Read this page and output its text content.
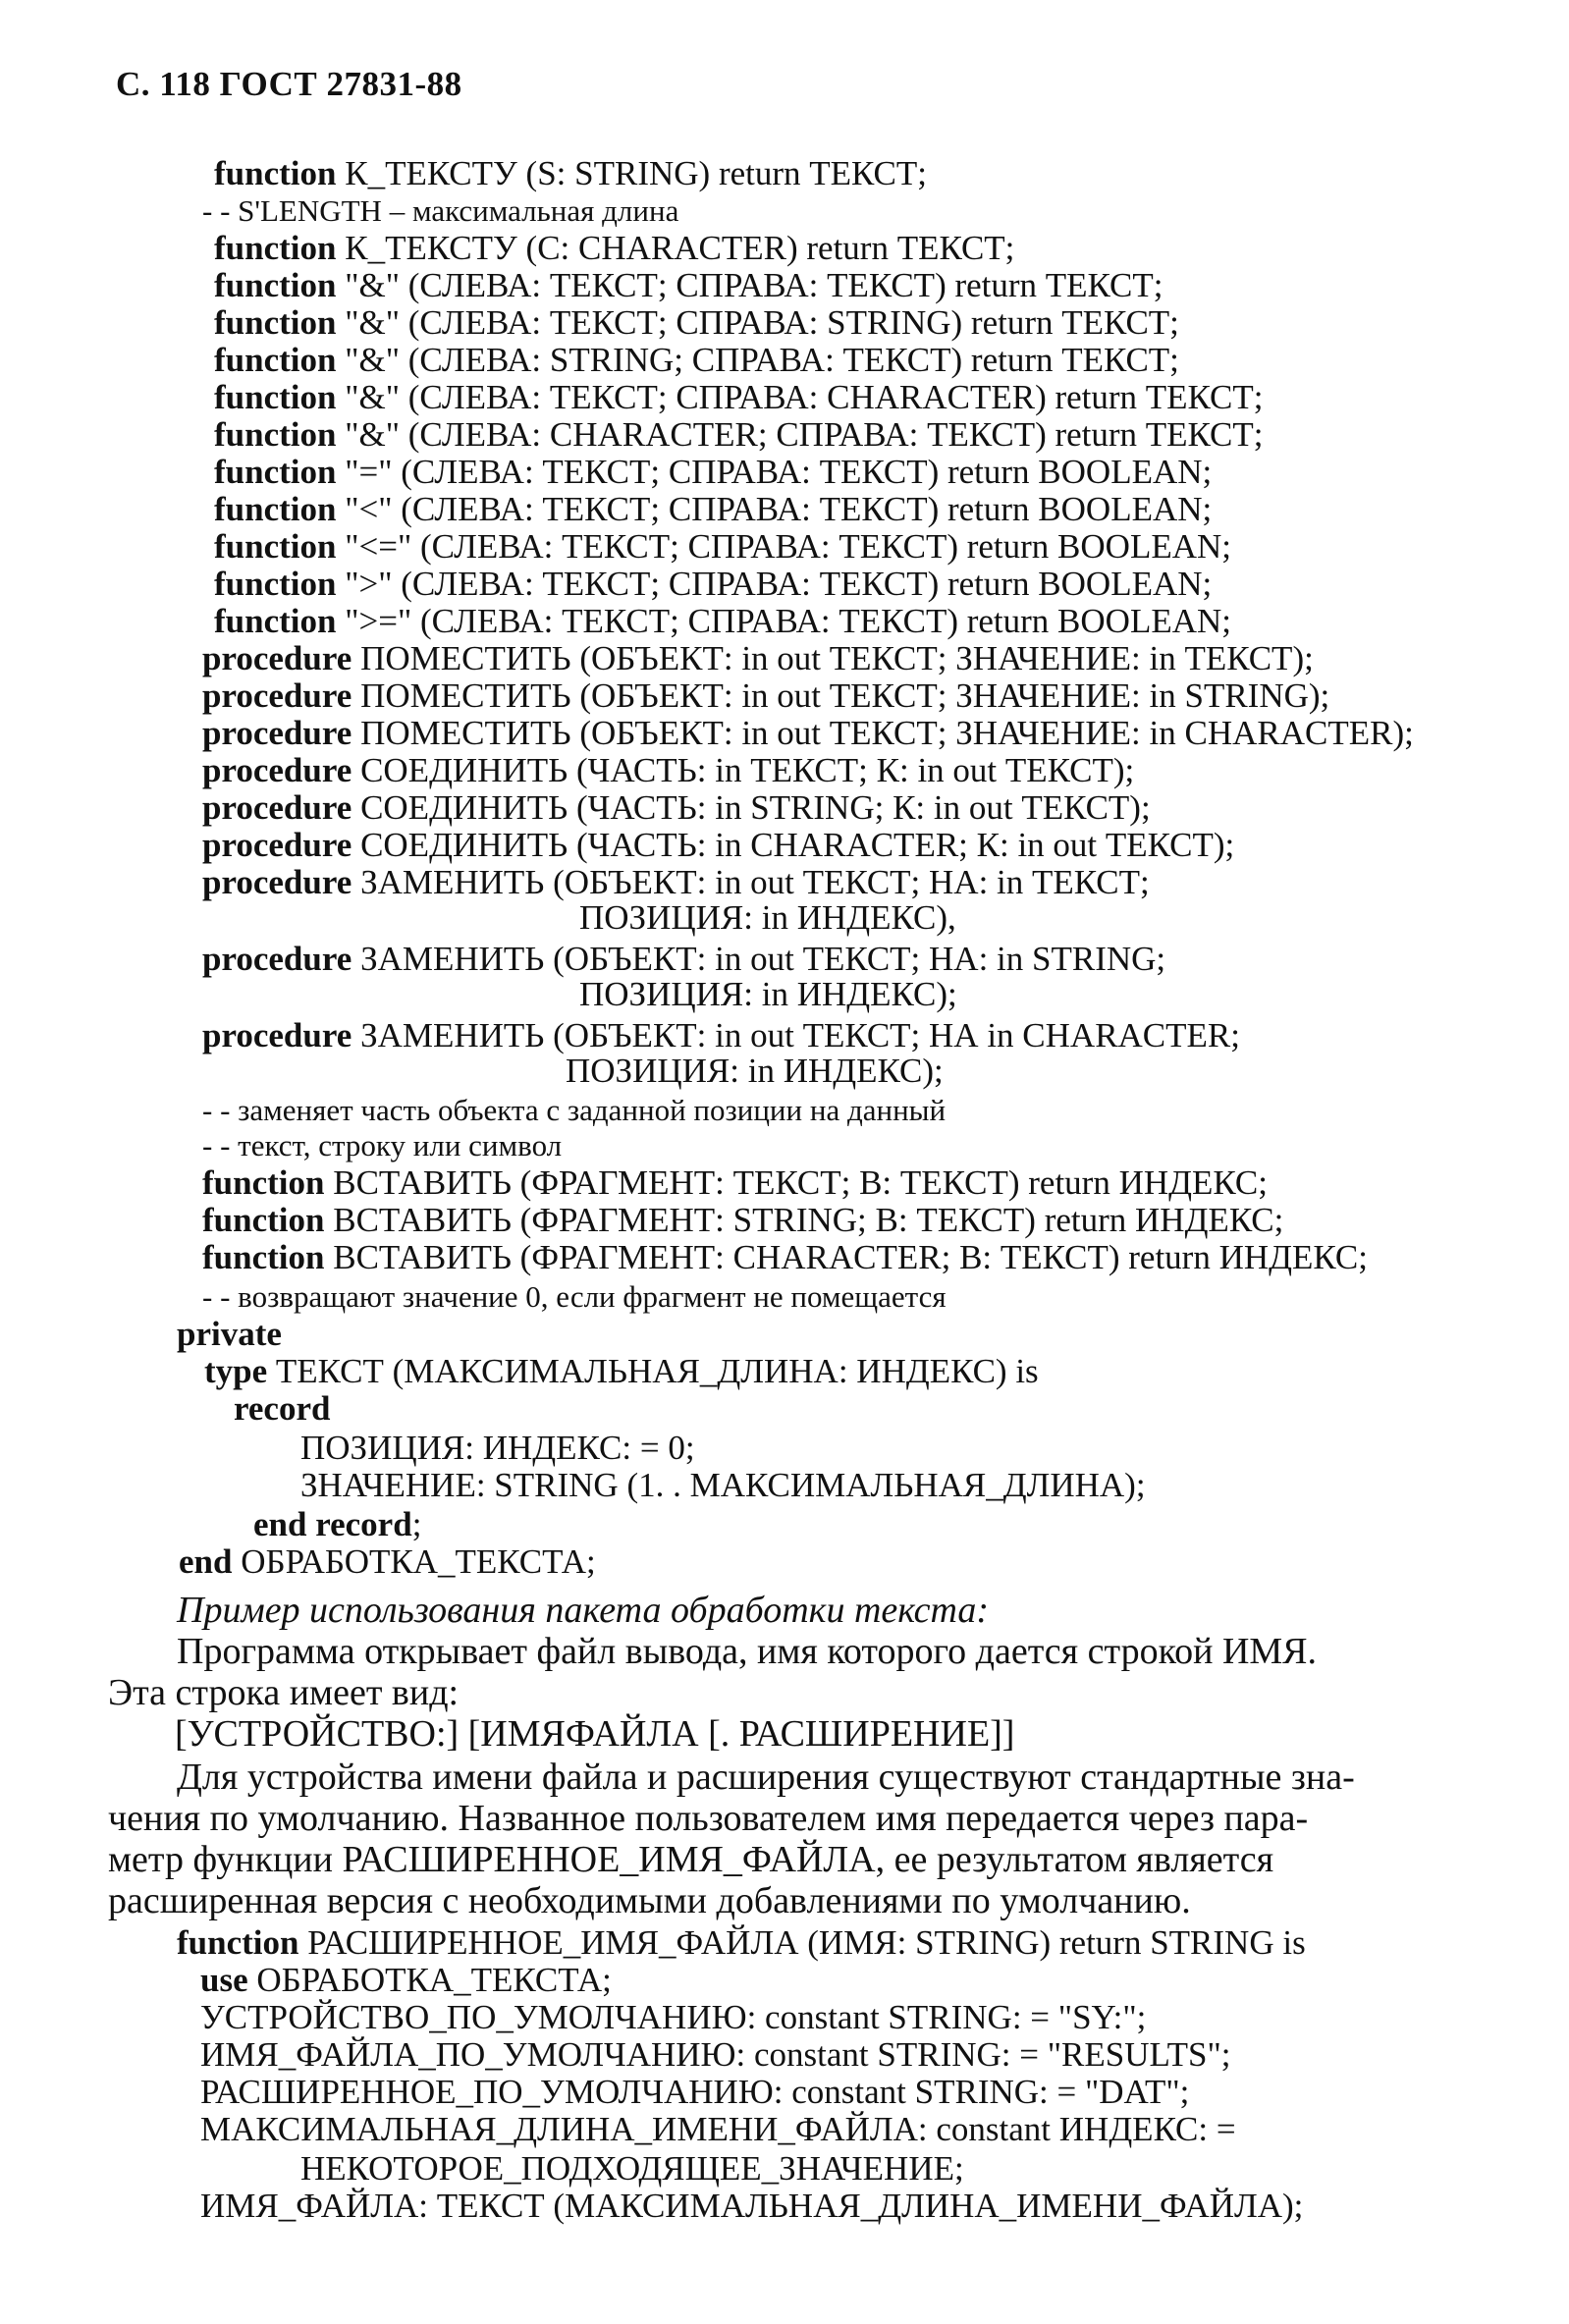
С. 118 ГОСТ 27831-88
function К_ТЕКСТУ (S: STRING) return ТЕКСТ;
- - S'LENGTH – максимальная длина
function К_ТЕКСТУ (С: CHARACTER) return ТЕКСТ;
function "&" (СЛЕВА: ТЕКСТ; СПРАВА: ТЕКСТ) return ТЕКСТ;
function "&" (СЛЕВА: ТЕКСТ; СПРАВА: STRING) return ТЕКСТ;
function "&" (СЛЕВА: STRING; СПРАВА: ТЕКСТ) return ТЕКСТ;
function "&" (СЛЕВА: ТЕКСТ; СПРАВА: CHARACTER) return ТЕКСТ;
function "&" (СЛЕВА: CHARACTER; СПРАВА: ТЕКСТ) return ТЕКСТ;
function "=" (СЛЕВА: ТЕКСТ; СПРАВА: ТЕКСТ) return BOOLEAN;
function "<" (СЛЕВА: ТЕКСТ; СПРАВА: ТЕКСТ) return BOOLEAN;
function "<=" (СЛЕВА: ТЕКСТ; СПРАВА: ТЕКСТ) return BOOLEAN;
function ">" (СЛЕВА: ТЕКСТ; СПРАВА: ТЕКСТ) return BOOLEAN;
function ">=" (СЛЕВА: ТЕКСТ; СПРАВА: ТЕКСТ) return BOOLEAN;
procedure ПОМЕСТИТЬ (ОБЪЕКТ: in out ТЕКСТ; ЗНАЧЕНИЕ: in ТЕКСТ);
procedure ПОМЕСТИТЬ (ОБЪЕКТ: in out ТЕКСТ; ЗНАЧЕНИЕ: in STRING);
procedure ПОМЕСТИТЬ (ОБЪЕКТ: in out ТЕКСТ; ЗНАЧЕНИЕ: in CHARACTER);
procedure СОЕДИНИТЬ (ЧАСТЬ: in ТЕКСТ; К: in out ТЕКСТ);
procedure СОЕДИНИТЬ (ЧАСТЬ: in STRING; К: in out ТЕКСТ);
procedure СОЕДИНИТЬ (ЧАСТЬ: in CHARACTER; К: in out ТЕКСТ);
procedure ЗАМЕНИТЬ (ОБЪЕКТ: in out ТЕКСТ; НА: in ТЕКСТ;
ПОЗИЦИЯ: in ИНДЕКС),
procedure ЗАМЕНИТЬ (ОБЪЕКТ: in out ТЕКСТ; НА: in STRING;
ПОЗИЦИЯ: in ИНДЕКС);
procedure ЗАМЕНИТЬ (ОБЪЕКТ: in out ТЕКСТ; НА in CHARACTER;
ПОЗИЦИЯ: in ИНДЕКС);
- - заменяет часть объекта с заданной позиции на данный
- - текст, строку или символ
function ВСТАВИТЬ (ФРАГМЕНТ: ТЕКСТ; В: ТЕКСТ) return ИНДЕКС;
function ВСТАВИТЬ (ФРАГМЕНТ: STRING; В: ТЕКСТ) return ИНДЕКС;
function ВСТАВИТЬ (ФРАГМЕНТ: CHARACTER; В: ТЕКСТ) return ИНДЕКС;
- - возвращают значение 0, если фрагмент не помещается
private
type ТЕКСТ (МАКСИМАЛЬНАЯ_ДЛИНА: ИНДЕКС) is
record
ПОЗИЦИЯ: ИНДЕКС: = 0;
ЗНАЧЕНИЕ: STRING (1. . МАКСИМАЛЬНАЯ_ДЛИНА);
end record;
end ОБРАБОТКА_ТЕКСТА;
Пример использования пакета обработки текста:
Программа открывает файл вывода, имя которого дается строкой ИМЯ.
Эта строка имеет вид:
[УСТРОЙСТВО:] [ИМЯФАЙЛА [. РАСШИРЕНИЕ]]
Для устройства имени файла и расширения существуют стандартные зна-
чения по умолчанию. Названное пользователем имя передается через пара-
метр функции РАСШИРЕННОЕ_ИМЯ_ФАЙЛА, ее результатом является
расширенная версия с необходимыми добавлениями по умолчанию.
function РАСШИРЕННОЕ_ИМЯ_ФАЙЛА (ИМЯ: STRING) return STRING is
use ОБРАБОТКА_ТЕКСТА;
УСТРОЙСТВО_ПО_УМОЛЧАНИЮ: constant STRING: = "SY:";
ИМЯ_ФАЙЛА_ПО_УМОЛЧАНИЮ: constant STRING: = "RESULTS";
РАСШИРЕННОЕ_ПО_УМОЛЧАНИЮ: constant STRING: = "DAT";
МАКСИМАЛЬНАЯ_ДЛИНА_ИМЕНИ_ФАЙЛА: constant ИНДЕКС: =
НЕКОТОРОЕ_ПОДХОДЯЩЕЕ_ЗНАЧЕНИЕ;
ИМЯ_ФАЙЛА: ТЕКСТ (МАКСИМАЛЬНАЯ_ДЛИНА_ИМЕНИ_ФАЙЛА);
